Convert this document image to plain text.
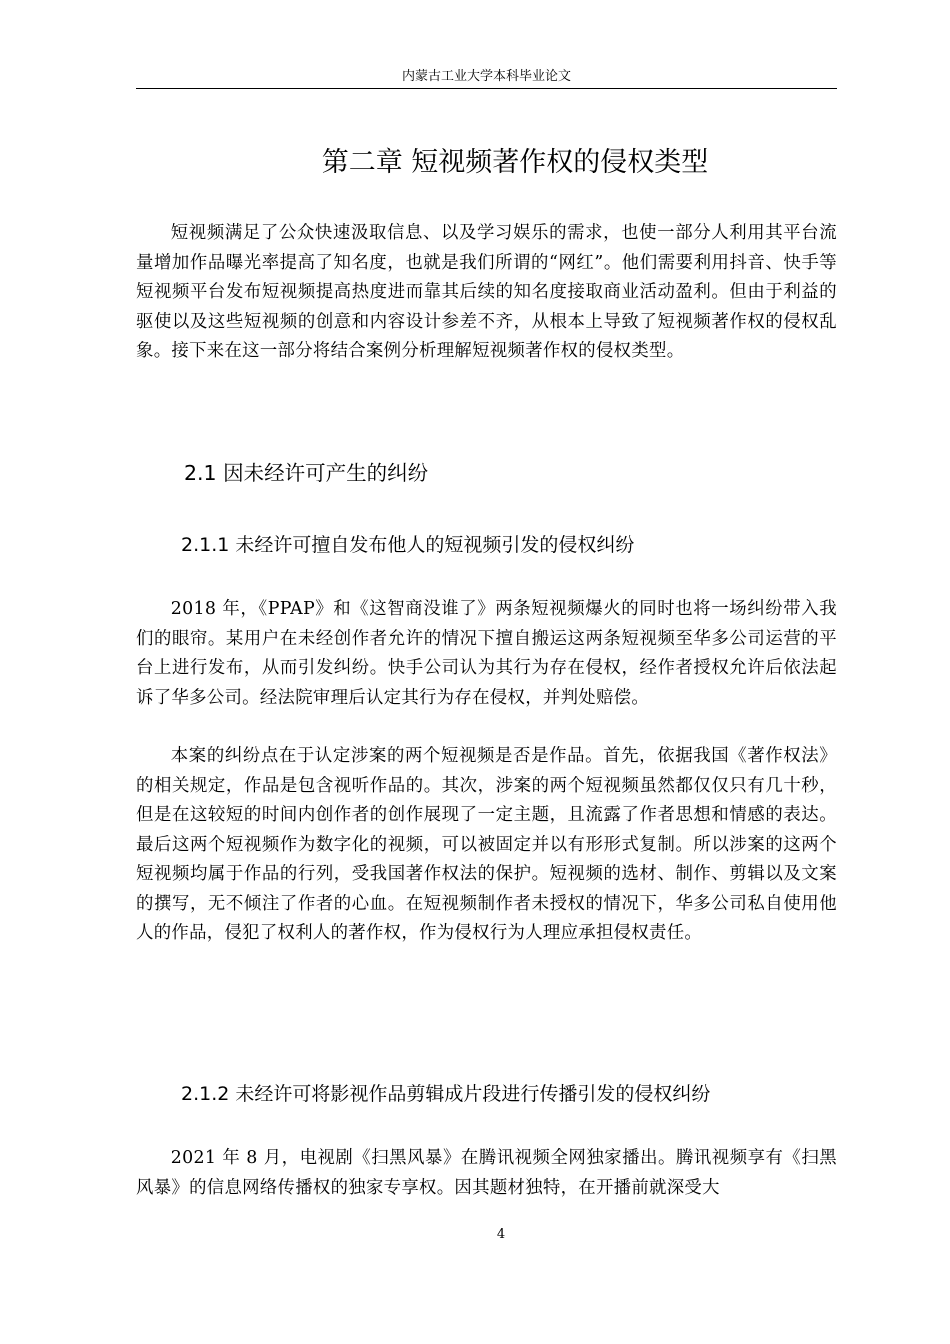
内蒙古工业大学本科毕业论文
第二章 短视频著作权的侵权类型

短视频满足了公众快速汲取信息、以及学习娱乐的需求，也使一部分人利用其平台流量增加作品曝光率提高了知名度，也就是我们所谓的“网红”。他们需要利用抖音、快手等短视频平台发布短视频提高热度进而靠其后续的知名度接取商业活动盈利。但由于利益的驱使以及这些短视频的创意和内容设计参差不齐，从根本上导致了短视频著作权的侵权乱象。接下来在这一部分将结合案例分析理解短视频著作权的侵权类型。

2.1 因未经许可产生的纠纷
2.1.1 未经许可擅自发布他人的短视频引发的侵权纠纷

2018 年，《PPAP》和《这智商没谁了》两条短视频爆火的同时也将一场纠纷带入我们的眼帘。某用户在未经创作者允许的情况下擅自搬运这两条短视频至华多公司运营的平台上进行发布，从而引发纠纷。快手公司认为其行为存在侵权，经作者授权允许后依法起诉了华多公司。经法院审理后认定其行为存在侵权，并判处赔偿。

本案的纠纷点在于认定涉案的两个短视频是否是作品。首先，依据我国《著作权法》的相关规定，作品是包含视听作品的。其次，涉案的两个短视频虽然都仅仅只有几十秒，但是在这较短的时间内创作者的创作展现了一定主题，且流露了作者思想和情感的表达。最后这两个短视频作为数字化的视频，可以被固定并以有形形式复制。所以涉案的这两个短视频均属于作品的行列，受我国著作权法的保护。短视频的选材、制作、剪辑以及文案的撰写，无不倾注了作者的心血。在短视频制作者未授权的情况下，华多公司私自使用他人的作品，侵犯了权利人的著作权，作为侵权行为人理应承担侵权责任。

2.1.2 未经许可将影视作品剪辑成片段进行传播引发的侵权纠纷

2021 年 8 月，电视剧《扫黑风暴》在腾讯视频全网独家播出。腾讯视频享有《扫黑风暴》的信息网络传播权的独家专享权。因其题材独特，在开播前就深受大

4
